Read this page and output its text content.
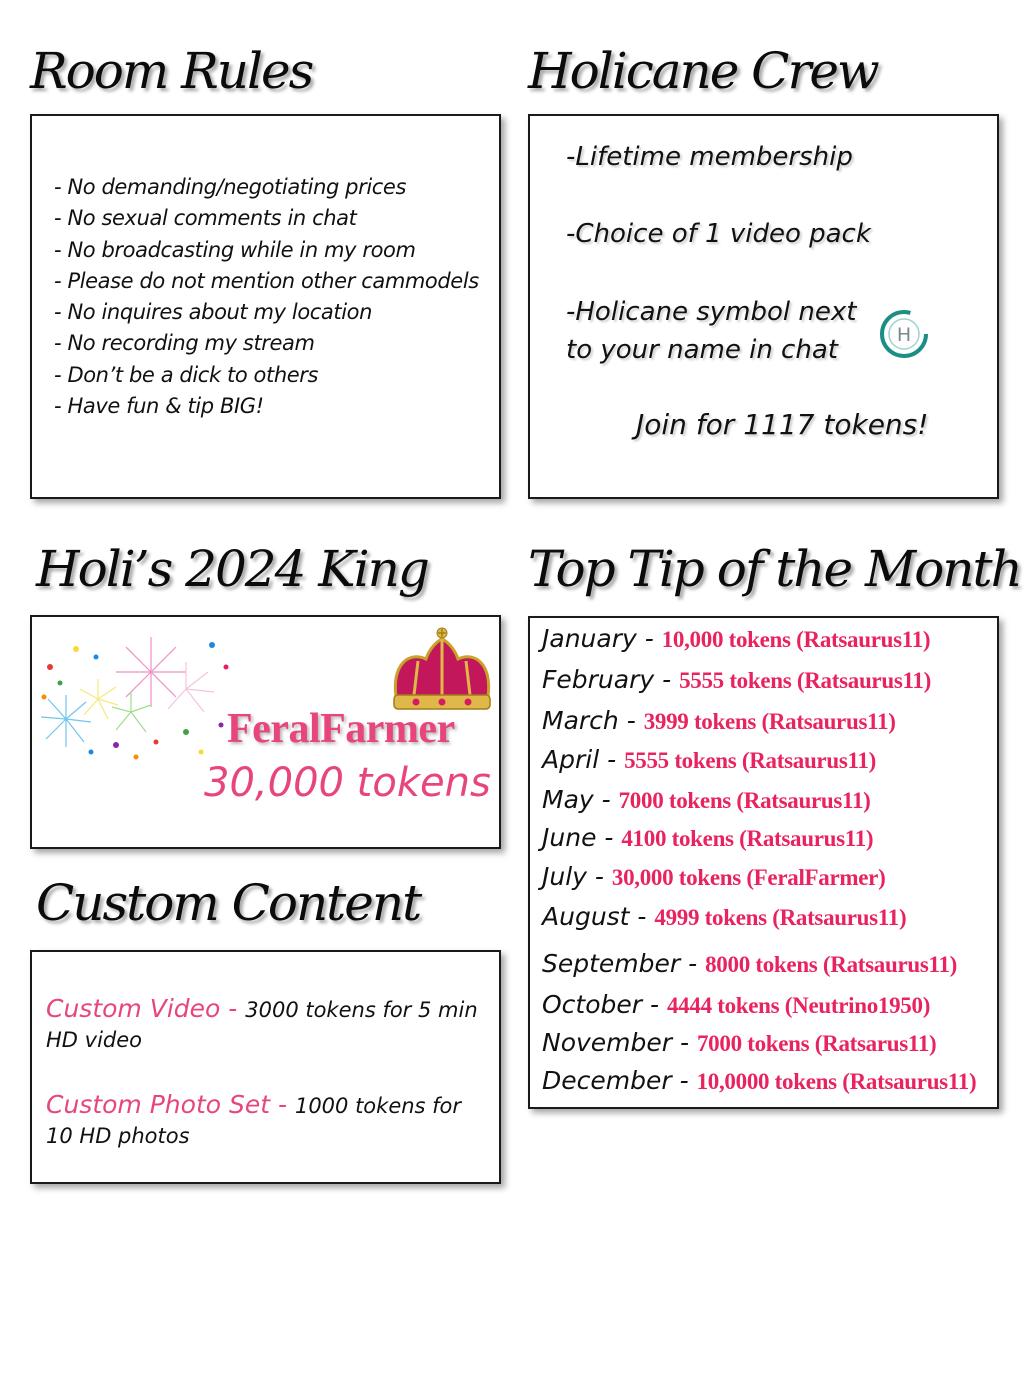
Room Rules
- No demanding/negotiating prices
- No sexual comments in chat
- No broadcasting while in my room
- Please do not mention other cammodels
- No inquires about my location
- No recording my stream
- Don’t be a dick to others
- Have fun & tip BIG!
Holicane Crew
-Lifetime membership
-Choice of 1 video pack
-Holicane symbol next
to your name in chat	H
Join for 1117 tokens!
Holi’s 2024 King
FeralFarmer
30,000 tokens
Custom Content
Custom Video - 3000 tokens for 5 min HD video
Custom Photo Set - 1000 tokens for 10 HD photos
Top Tip of the Month
January - 10,000 tokens (Ratsaurus11)
February - 5555 tokens (Ratsaurus11)
March - 3999 tokens (Ratsaurus11)
April - 5555 tokens (Ratsaurus11)
May - 7000 tokens (Ratsaurus11)
June - 4100 tokens (Ratsaurus11)
July - 30,000 tokens (FeralFarmer)
August - 4999 tokens (Ratsaurus11)
September - 8000 tokens (Ratsaurus11)
October - 4444 tokens (Neutrino1950)
November - 7000 tokens (Ratsarus11)
December - 10,0000 tokens (Ratsaurus11)
